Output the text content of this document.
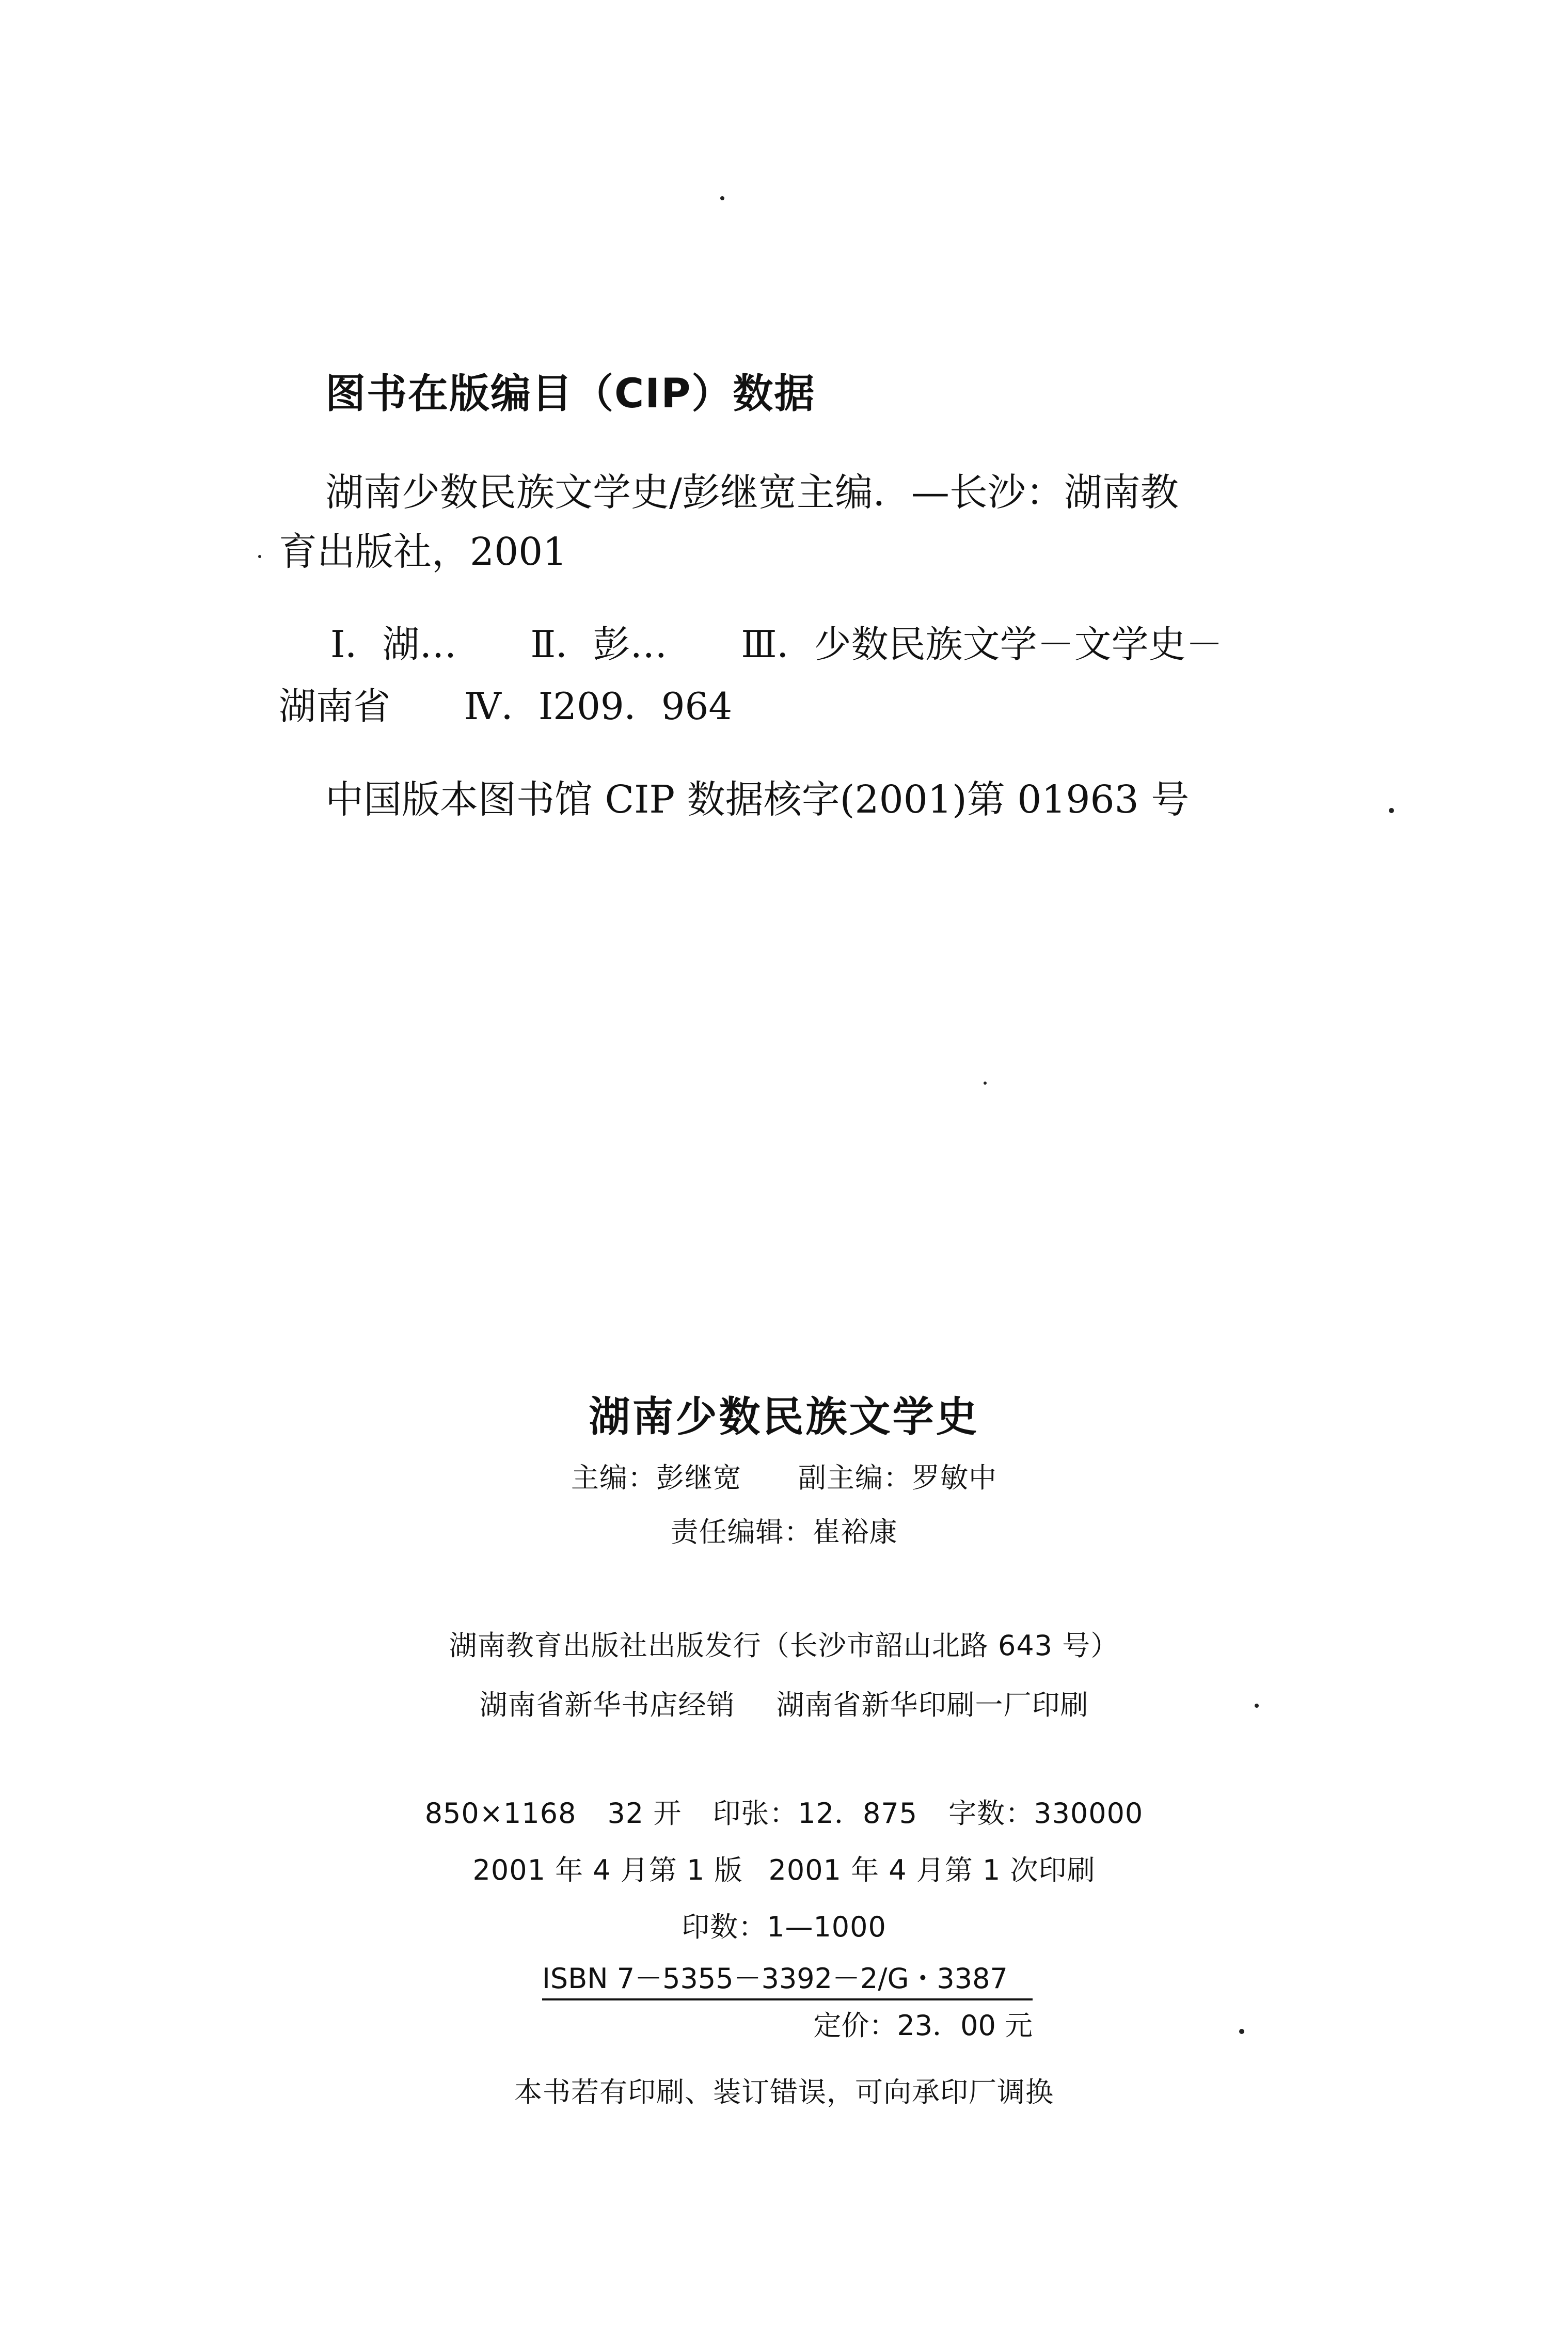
图书在版编目（CIP）数据
湖南少数民族文学史/彭继宽主编．—长沙：湖南教
育出版社，2001
Ⅰ．湖… Ⅱ．彭… Ⅲ．少数民族文学－文学史－
湖南省 Ⅳ．I209．964
中国版本图书馆 CIP 数据核字(2001)第 01963 号
湖南少数民族文学史
主编：彭继宽 副主编：罗敏中
责任编辑：崔裕康
湖南教育出版社出版发行（长沙市韶山北路 643 号）
湖南省新华书店经销 湖南省新华印刷一厂印刷
850×1168 32 开 印张：12．875 字数：330000
2001 年 4 月第 1 版 2001 年 4 月第 1 次印刷
印数：1—1000
ISBN 7－5355－3392－2/G・3387
定价：23．00 元
本书若有印刷、装订错误，可向承印厂调换
